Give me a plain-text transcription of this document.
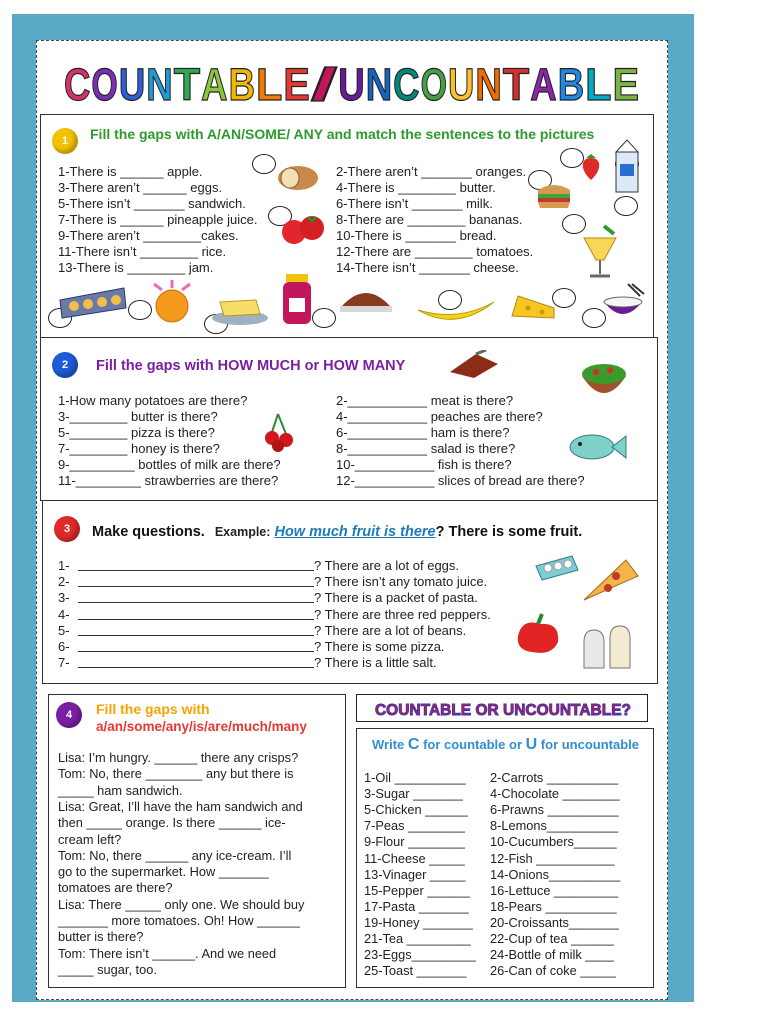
C O U N T A B L E / U N C O U N T A B L E
1	Fill the gaps with A/AN/SOME/ ANY and match the sentences to the pictures
1-There is ______ apple.
3-There aren’t ______ eggs.
5-There isn’t _______ sandwich.
7-There is ______ pineapple juice.
9-There aren’t ________cakes.
11-There isn’t ________ rice.
13-There is ________ jam.
2-There aren’t _______ oranges.
4-There is ________ butter.
6-There isn’t _______ milk.
8-There are ________ bananas.
10-There is _______ bread.
12-There are ________ tomatoes.
14-There isn’t _______ cheese.
2	Fill the gaps with HOW MUCH or HOW MANY
1-How many potatoes are there?
3-________ butter is there?
5-________ pizza is there?
7-________ honey is there?
9-_________ bottles of milk are there?
11-_________ strawberries are there?
2-___________ meat is there?
4-___________ peaches are there?
6-___________ ham is there?
8-___________ salad is there?
10-___________ fish is there?
12-___________ slices of bread are there?
3	Make questions. Example: How much fruit is there? There is some fruit.
1-	? There are a lot of eggs.
2-	? There isn’t any tomato juice.
3-	? There is a packet of pasta.
4-	? There are three red peppers.
5-	? There are a lot of beans.
6-	? There is some pizza.
7-	? There is a little salt.
4	Fill the gaps with
a/an/some/any/is/are/much/many
Lisa: I’m hungry. ______ there any crisps?
Tom: No, there ________ any but there is
_____ ham sandwich.
Lisa: Great, I’ll have the ham sandwich and
then _____ orange. Is there ______ ice-
cream left?
Tom: No, there ______ any ice-cream. I’ll
go to the supermarket. How _______
tomatoes are there?
Lisa: There _____ only one. We should buy
_______ more tomatoes. Oh! How ______
butter is there?
Tom: There isn’t ______. And we need
_____ sugar, too.
COUNTABLE OR UNCOUNTABLE?
Write C for countable or U for uncountable
1-Oil __________
3-Sugar _______
5-Chicken ______
7-Peas ________
9-Flour ________
11-Cheese _____
13-Vinager _____
15-Pepper ______
17-Pasta _______
19-Honey _______
21-Tea _________
23-Eggs_________
25-Toast _______
2-Carrots __________
4-Chocolate ________
6-Prawns __________
8-Lemons__________
10-Cucumbers______
12-Fish ___________
14-Onions__________
16-Lettuce _________
18-Pears __________
20-Croissants_______
22-Cup of tea ______
24-Bottle of milk ____
26-Can of coke _____
